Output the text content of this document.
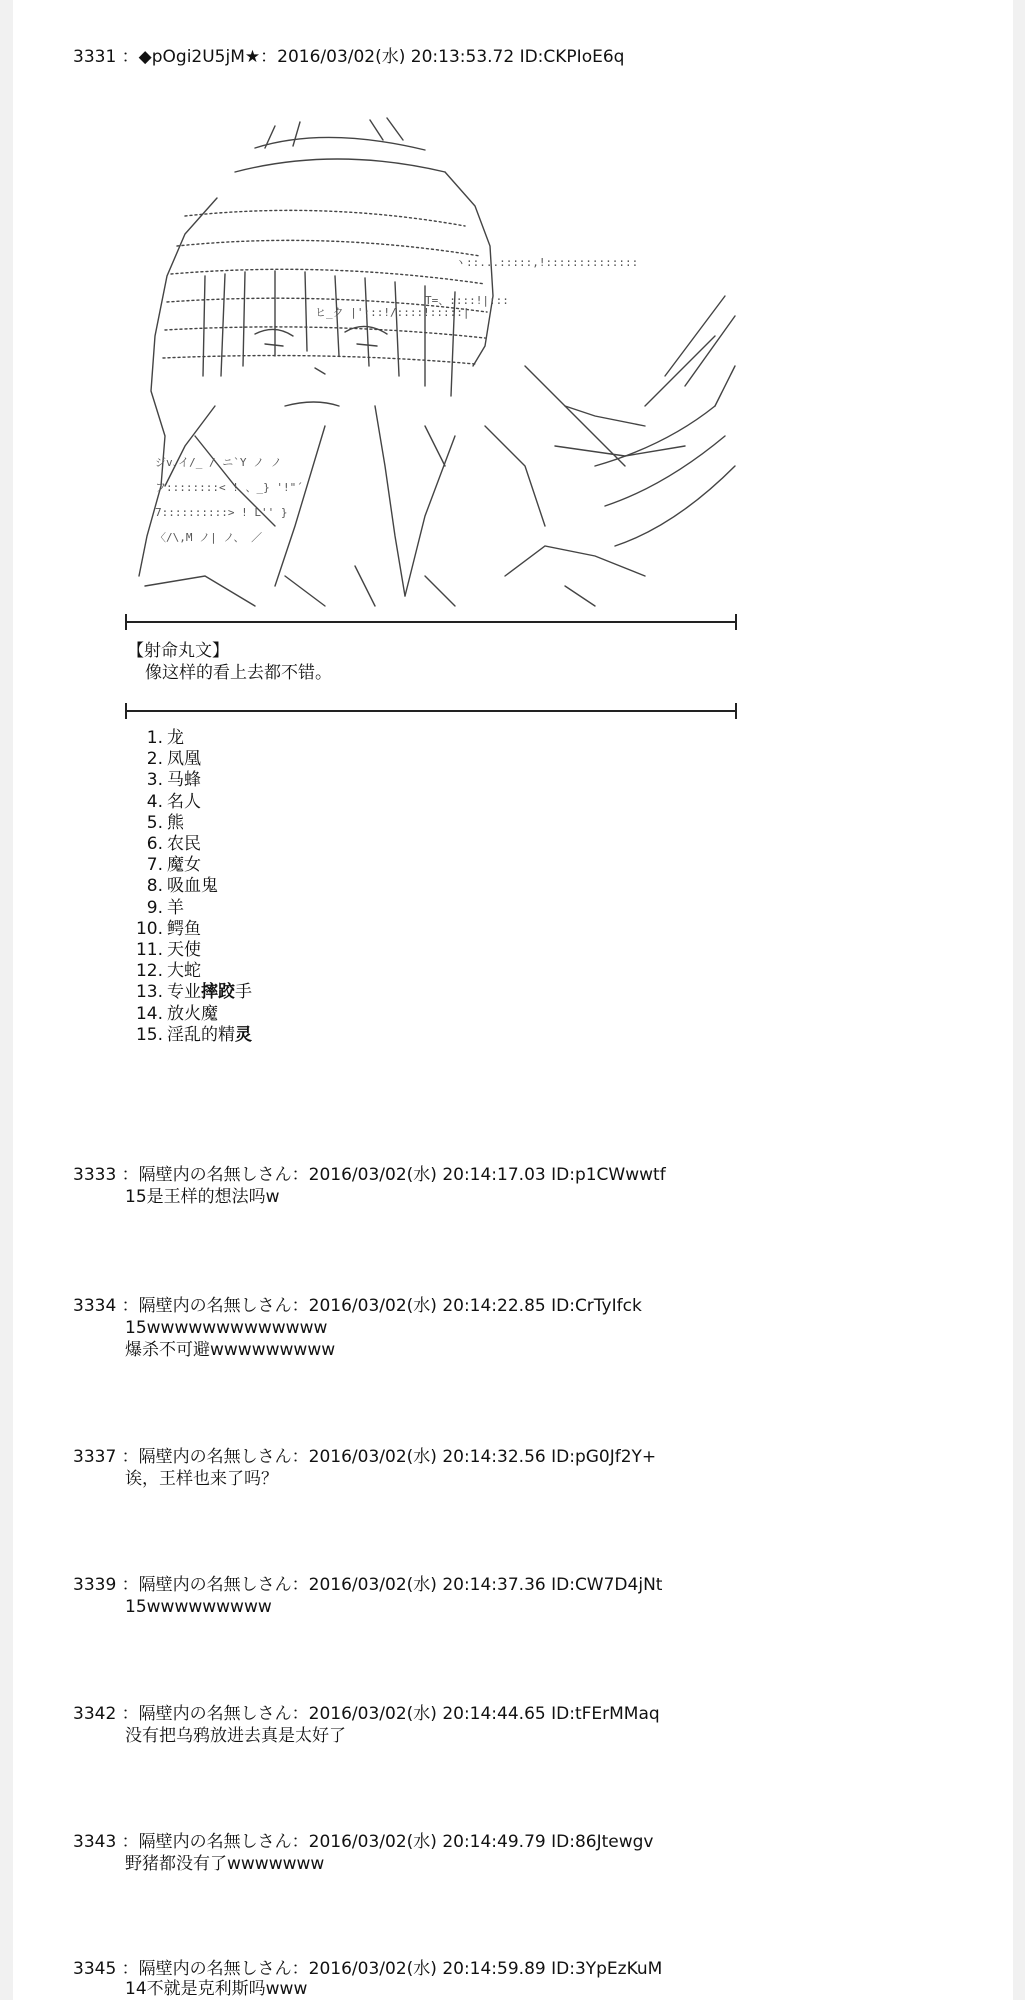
3331 ：◆pOgi2U5jM★：2016/03/02(水) 20:13:53.72 ID:CKPIoE6q
ジv､イ/_ / ニ`Y ノ ノ
フ::::::::< ! 、_} '!"´
7::::::::::> ! L'' }
〈/\,M ノ| ノ、 ／
ヽ::...:::::,!::::::::::::::
T=、::::!|:::
ヒ_ク |':::!/::::!:::::|
【射命丸文】
像这样的看上去都不错。
1. 龙
2. 凤凰
3. 马蜂
4. 名人
5. 熊
6. 农民
7. 魔女
8. 吸血鬼
9. 羊
10. 鳄鱼
11. 天使
12. 大蛇
13. 专业摔跤手
14. 放火魔
15. 淫乱的精灵
3333 ：隔壁内の名無しさん：2016/03/02(水) 20:14:17.03 ID:p1CWwwtf
15是王样的想法吗w
3334 ：隔壁内の名無しさん：2016/03/02(水) 20:14:22.85 ID:CrTyIfck
15wwwwwwwwwwwww
爆杀不可避wwwwwwwww
3337 ：隔壁内の名無しさん：2016/03/02(水) 20:14:32.56 ID:pG0Jf2Y+
诶，王样也来了吗？
3339 ：隔壁内の名無しさん：2016/03/02(水) 20:14:37.36 ID:CW7D4jNt
15wwwwwwwww
3342 ：隔壁内の名無しさん：2016/03/02(水) 20:14:44.65 ID:tFErMMaq
没有把乌鸦放进去真是太好了
3343 ：隔壁内の名無しさん：2016/03/02(水) 20:14:49.79 ID:86Jtewgv
野猪都没有了wwwwwww
3345 ：隔壁内の名無しさん：2016/03/02(水) 20:14:59.89 ID:3YpEzKuM
14不就是克利斯吗www
